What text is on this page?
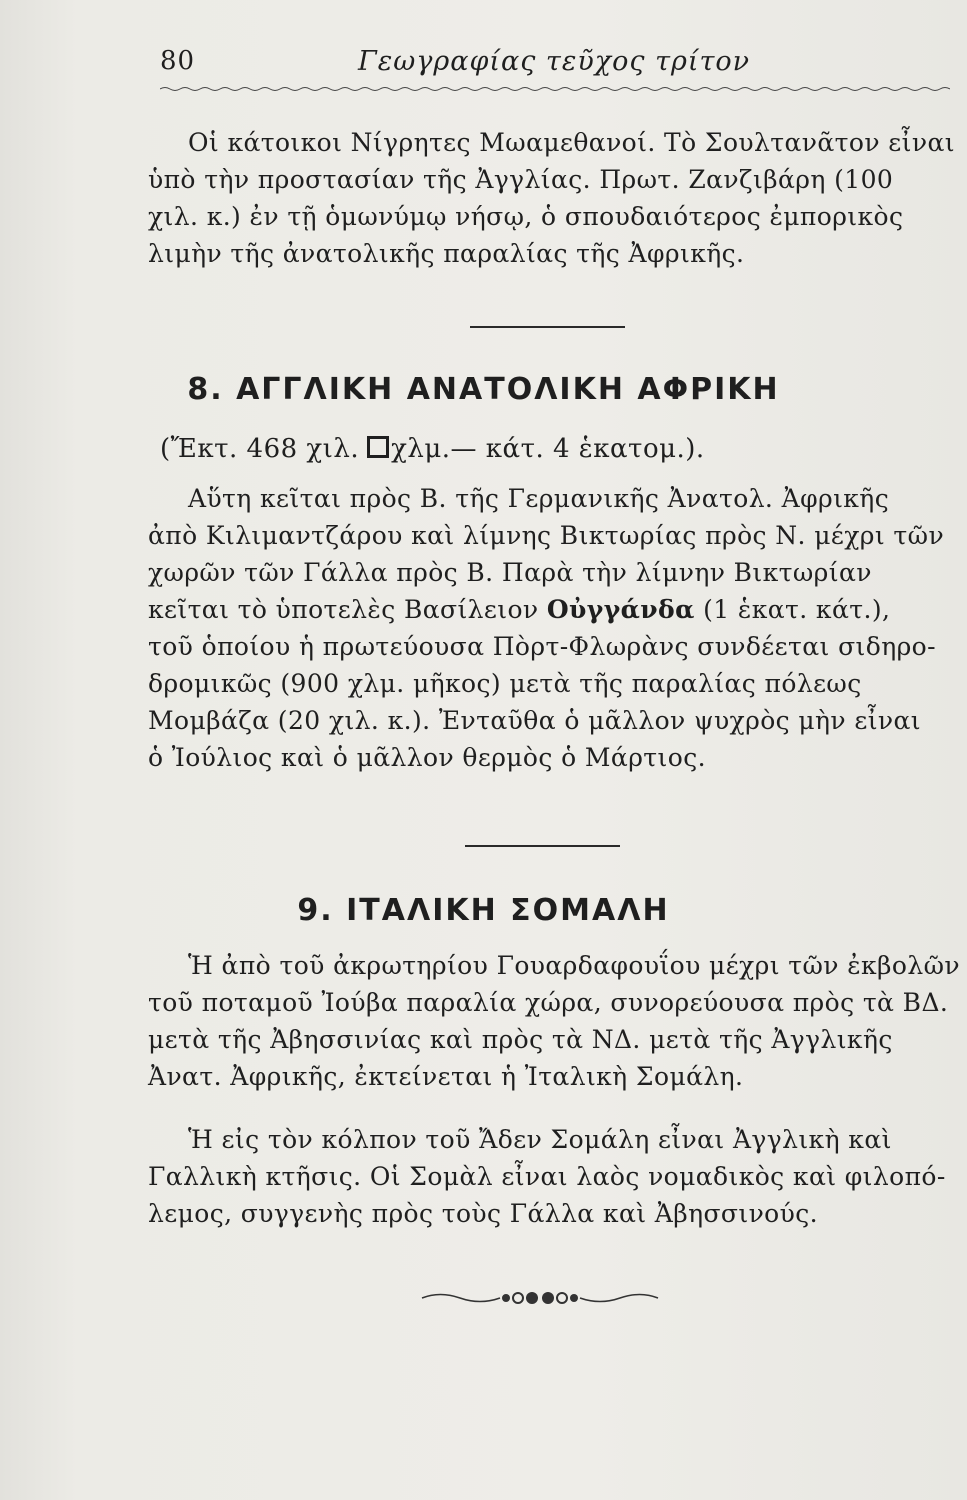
80	Γεωγραφίας τεῦχος τρίτον
Οἱ κάτοικοι Νίγρητες Μωαμεθανοί. Τὸ Σουλτανᾶτον εἶναι
ὑπὸ τὴν προστασίαν τῆς Ἀγγλίας. Πρωτ. Ζανζιβάρη (100
χιλ. κ.) ἐν τῇ ὁμωνύμῳ νήσῳ, ὁ σπουδαιότερος ἐμπορικὸς
λιμὴν τῆς ἀνατολικῆς παραλίας τῆς Ἀφρικῆς.
8. ΑΓΓΛΙΚΗ ΑΝΑΤΟΛΙΚΗ ΑΦΡΙΚΗ
(Ἔκτ. 468 χιλ. χλμ.— κάτ. 4 ἑκατομ.).
Αὕτη κεῖται πρὸς Β. τῆς Γερμανικῆς Ἀνατολ. Ἀφρικῆς
ἀπὸ Κιλιμαντζάρου καὶ λίμνης Βικτωρίας πρὸς Ν. μέχρι τῶν
χωρῶν τῶν Γάλλα πρὸς Β. Παρὰ τὴν λίμνην Βικτωρίαν
κεῖται τὸ ὑποτελὲς Βασίλειον Οὐγγάνδα (1 ἑκατ. κάτ.),
τοῦ ὁποίου ἡ πρωτεύουσα Πὸρτ-Φλωρὰνς συνδέεται σιδηρο-
δρομικῶς (900 χλμ. μῆκος) μετὰ τῆς παραλίας πόλεως
Μομβάζα (20 χιλ. κ.). Ἐνταῦθα ὁ μᾶλλον ψυχρὸς μὴν εἶναι
ὁ Ἰούλιος καὶ ὁ μᾶλλον θερμὸς ὁ Μάρτιος.
9. ΙΤΑΛΙΚΗ ΣΟΜΑΛΗ
Ἡ ἀπὸ τοῦ ἀκρωτηρίου Γουαρδαφουΐου μέχρι τῶν ἐκβολῶν
τοῦ ποταμοῦ Ἰούβα παραλία χώρα, συνορεύουσα πρὸς τὰ ΒΔ.
μετὰ τῆς Ἀβησσινίας καὶ πρὸς τὰ ΝΔ. μετὰ τῆς Ἀγγλικῆς
Ἀνατ. Ἀφρικῆς, ἐκτείνεται ἡ Ἰταλικὴ Σομάλη.
Ἡ εἰς τὸν κόλπον τοῦ Ἄδεν Σομάλη εἶναι Ἀγγλικὴ καὶ
Γαλλικὴ κτῆσις. Οἱ Σομὰλ εἶναι λαὸς νομαδικὸς καὶ φιλοπό-
λεμος, συγγενὴς πρὸς τοὺς Γάλλα καὶ Ἀβησσινούς.
